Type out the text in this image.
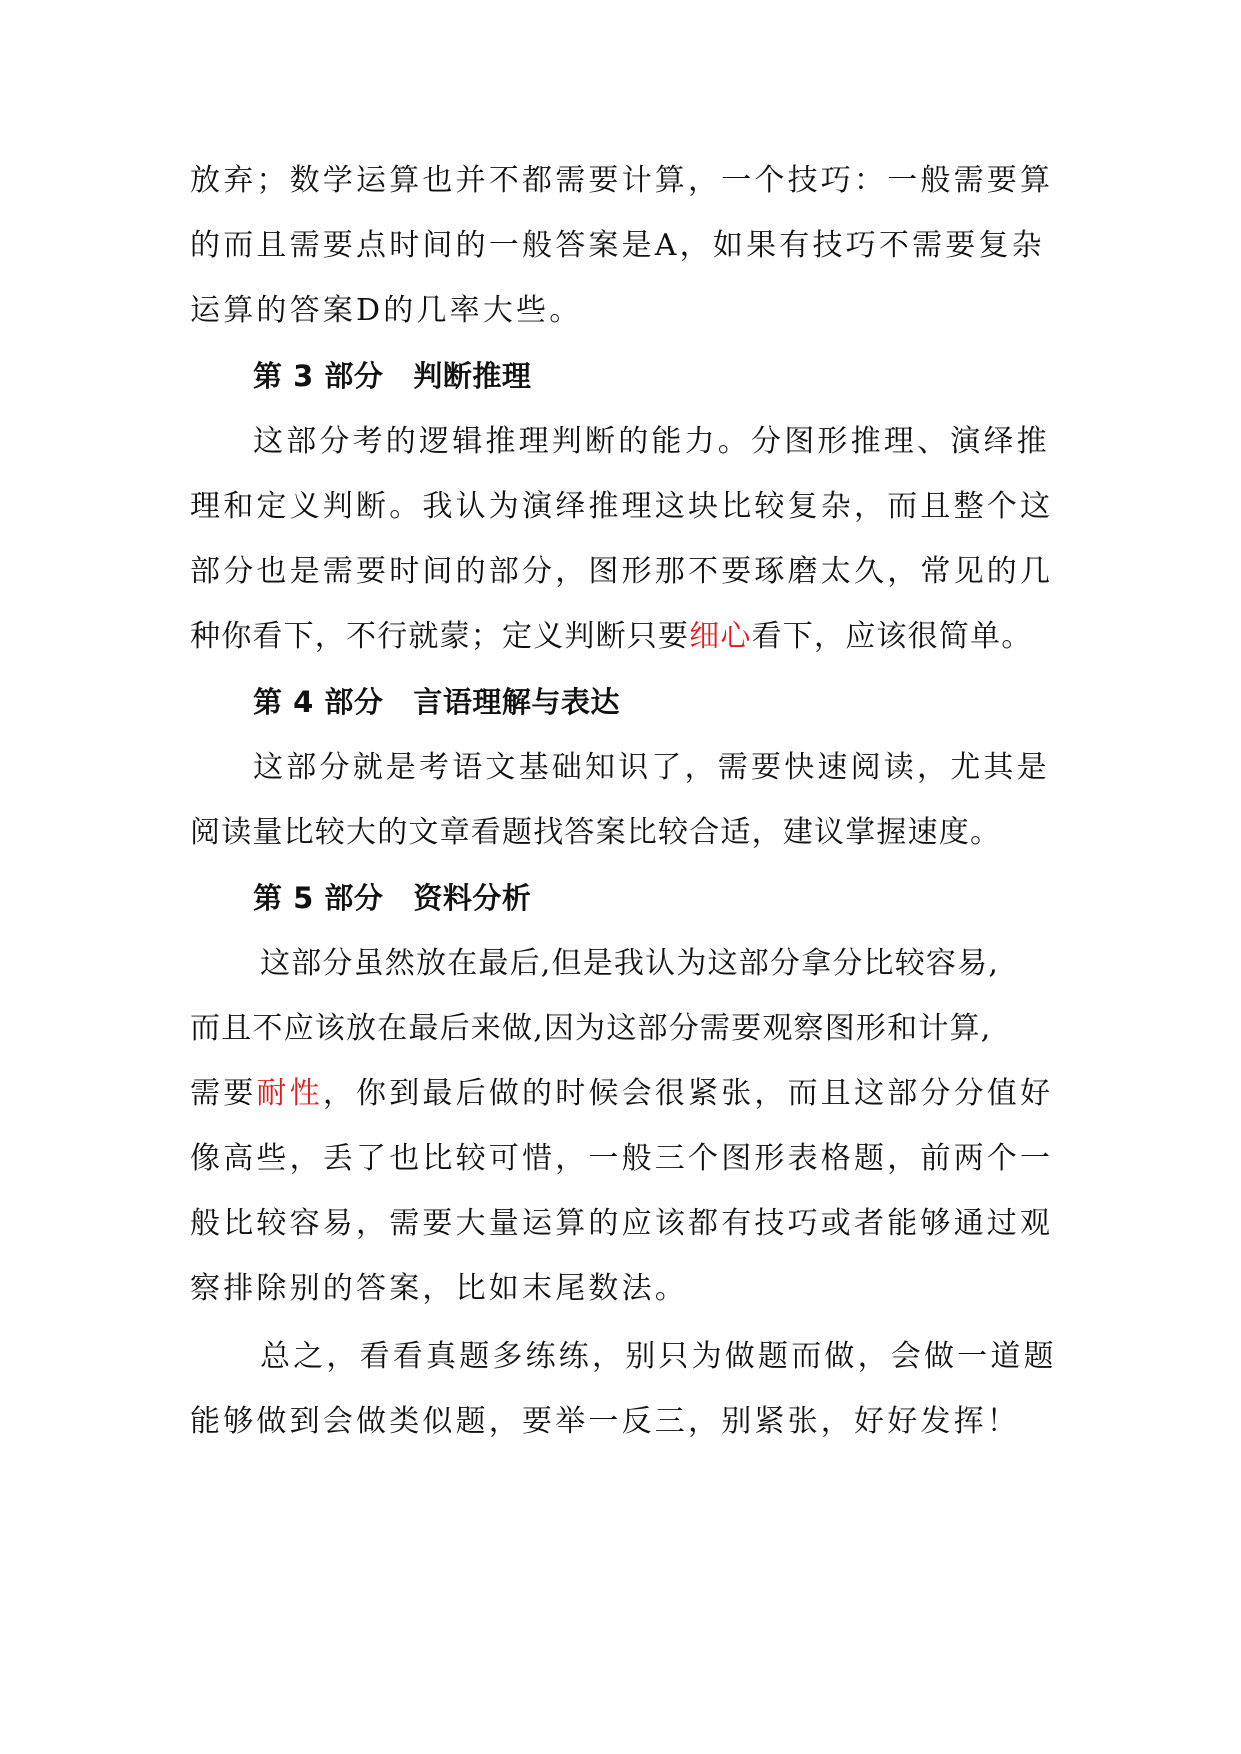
放弃；数学运算也并不都需要计算，一个技巧：一般需要算
的而且需要点时间的一般答案是A，如果有技巧不需要复杂
运算的答案D的几率大些。
第 3 部分 判断推理
这部分考的逻辑推理判断的能力。分图形推理、演绎推
理和定义判断。我认为演绎推理这块比较复杂，而且整个这
部分也是需要时间的部分，图形那不要琢磨太久，常见的几
种你看下，不行就蒙；定义判断只要细心看下，应该很简单。
第 4 部分 言语理解与表达
这部分就是考语文基础知识了，需要快速阅读，尤其是
阅读量比较大的文章看题找答案比较合适，建议掌握速度。
第 5 部分 资料分析
这部分虽然放在最后,但是我认为这部分拿分比较容易,
而且不应该放在最后来做,因为这部分需要观察图形和计算,
需要耐性，你到最后做的时候会很紧张，而且这部分分值好
像高些，丢了也比较可惜，一般三个图形表格题，前两个一
般比较容易，需要大量运算的应该都有技巧或者能够通过观
察排除别的答案，比如末尾数法。
总之，看看真题多练练，别只为做题而做，会做一道题
能够做到会做类似题，要举一反三，别紧张，好好发挥！
